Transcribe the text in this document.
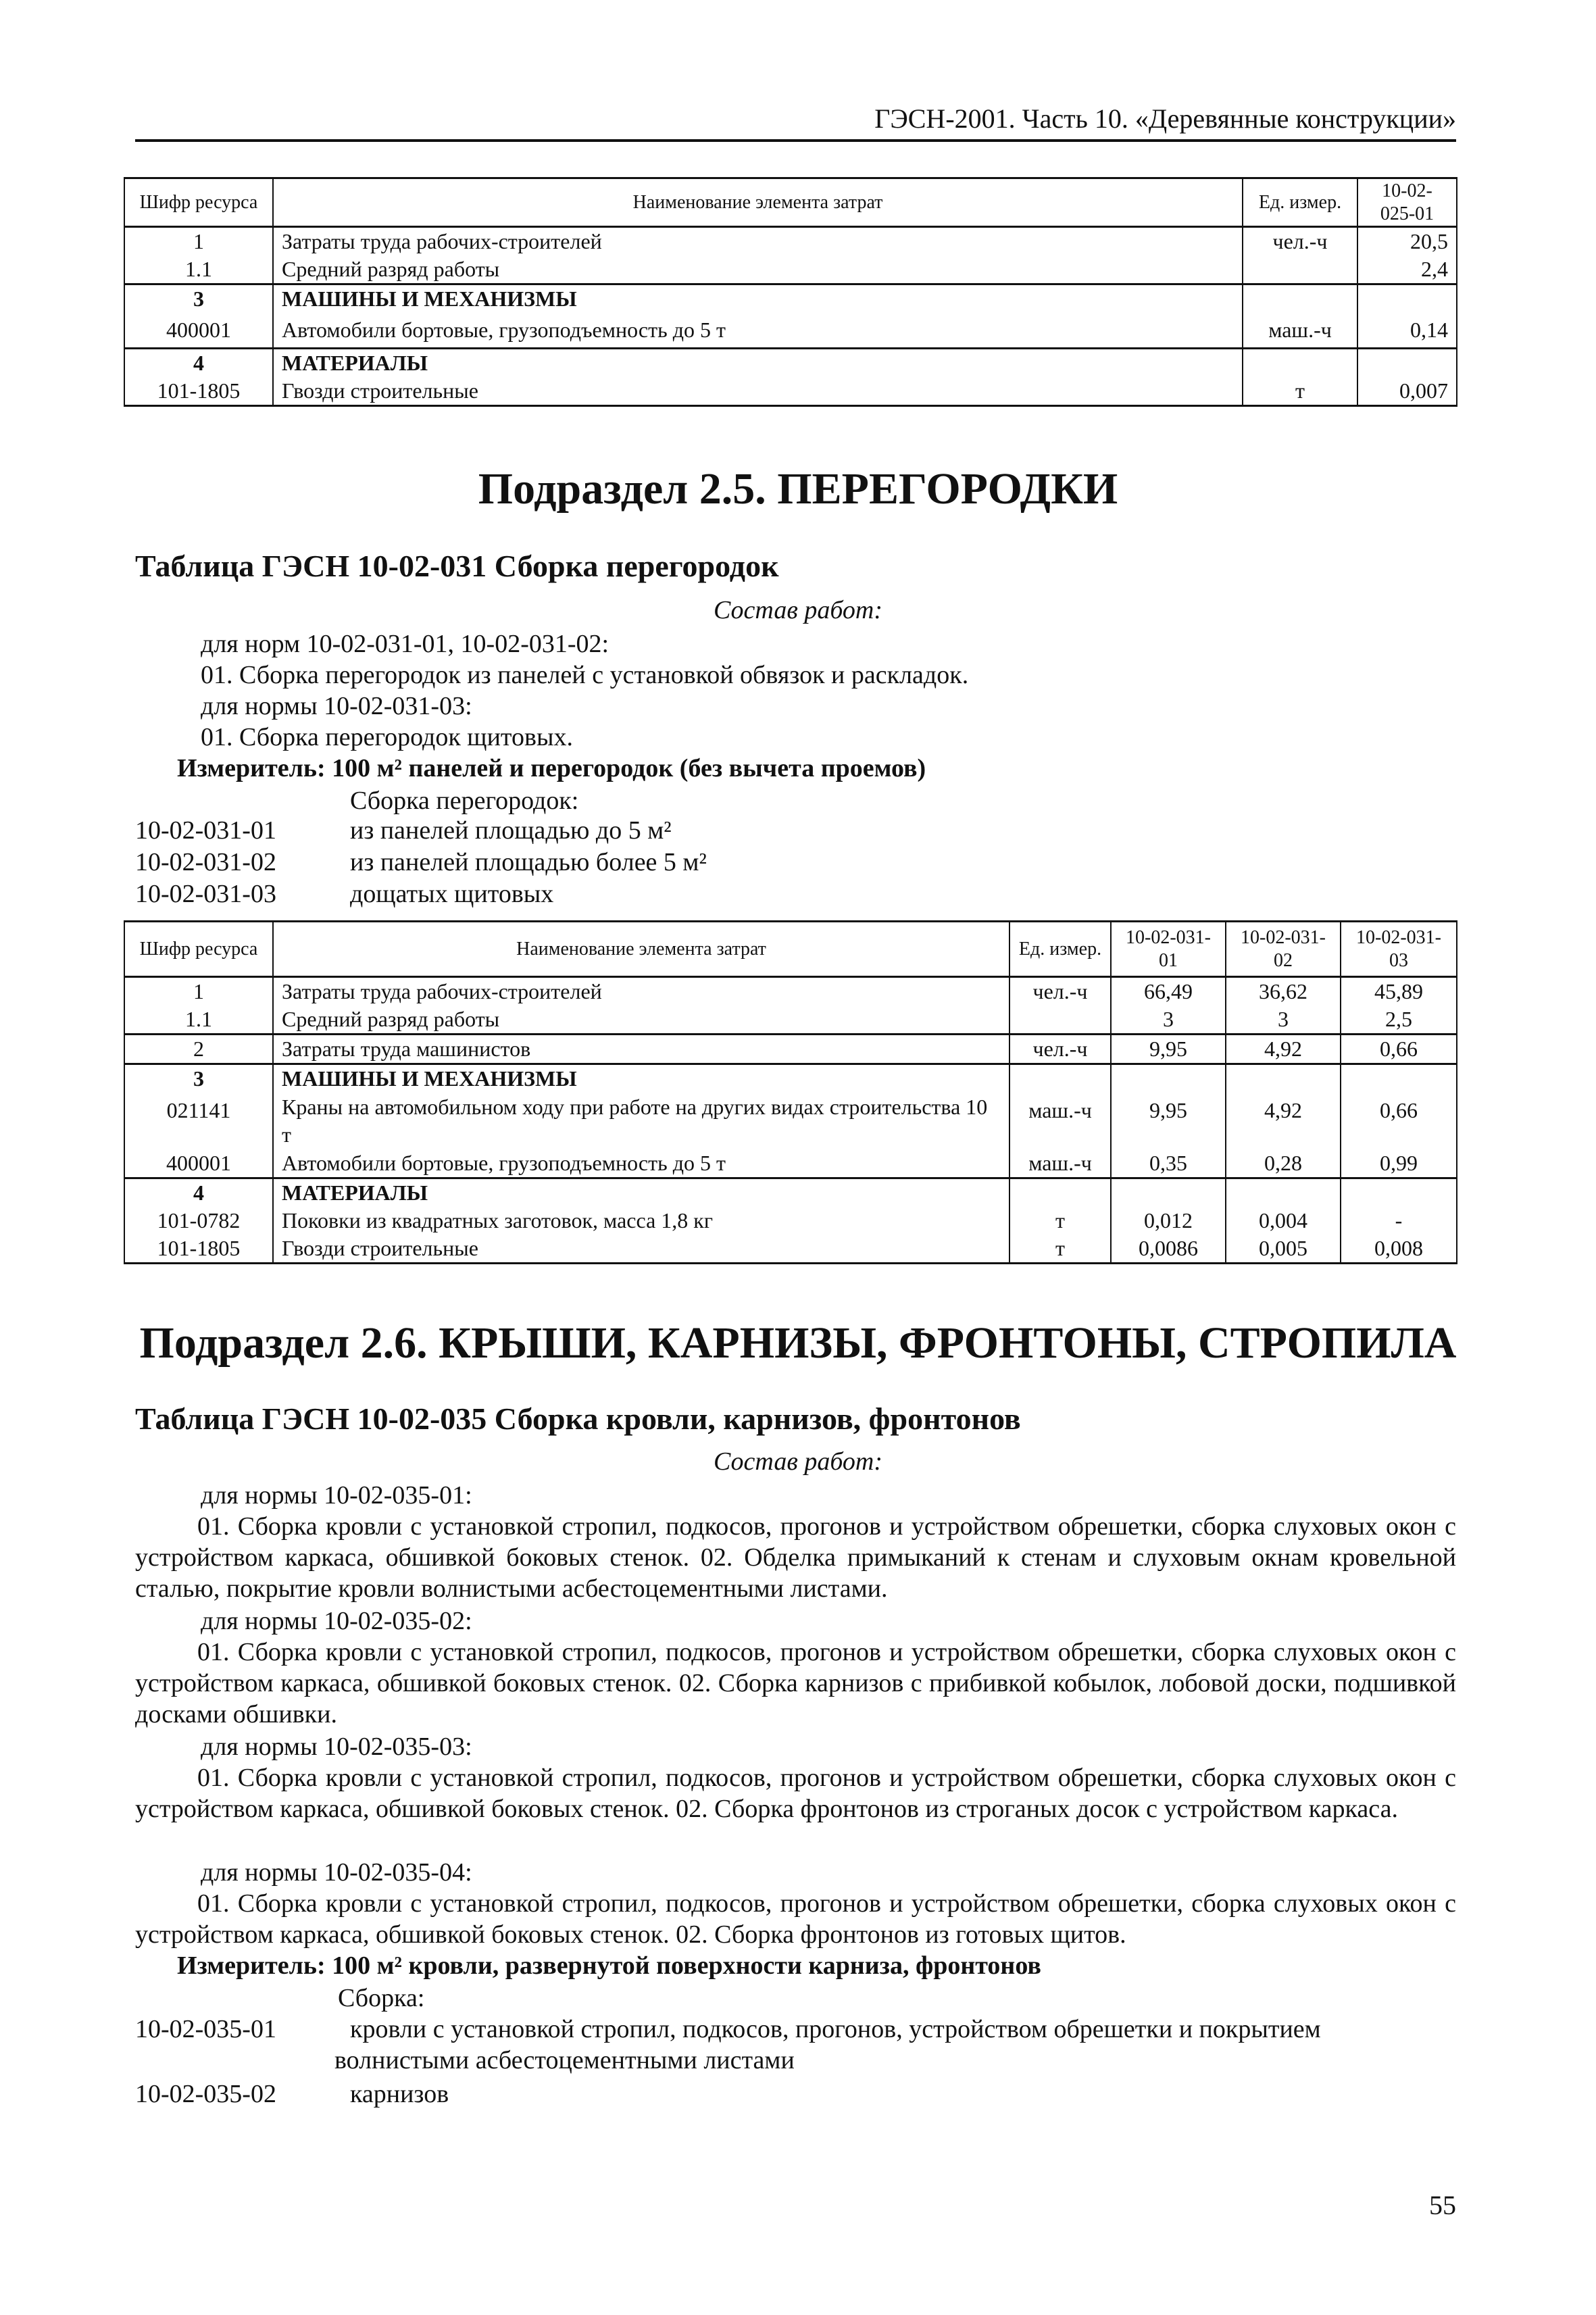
ГЭСН-2001. Часть 10. «Деревянные конструкции»
Шифр ресурса	Наименование элемента затрат	Ед. измер.	10-02-025-01
1	Затраты труда рабочих-строителей	чел.-ч	20,5
1.1	Средний разряд работы		2,4
3	МАШИНЫ И МЕХАНИЗМЫ		
400001	Автомобили бортовые, грузоподъемность до 5 т	маш.-ч	0,14
4	МАТЕРИАЛЫ		
101-1805	Гвозди строительные	т	0,007
Подраздел 2.5. ПЕРЕГОРОДКИ
Таблица ГЭСН 10-02-031 Сборка перегородок
Состав работ:
для норм 10-02-031-01, 10-02-031-02:
01. Сборка перегородок из панелей с установкой обвязок и раскладок.
для нормы 10-02-031-03:
01. Сборка перегородок щитовых.
Измеритель: 100 м² панелей и перегородок (без вычета проемов)
Сборка перегородок:
10-02-031-01	из панелей площадью до 5 м²
10-02-031-02	из панелей площадью более 5 м²
10-02-031-03	дощатых щитовых
Шифр ресурса	Наименование элемента затрат	Ед. измер.	10-02-031-01	10-02-031-02	10-02-031-03
1	Затраты труда рабочих-строителей	чел.-ч	66,49	36,62	45,89
1.1	Средний разряд работы		3	3	2,5
2	Затраты труда машинистов	чел.-ч	9,95	4,92	0,66
3	МАШИНЫ И МЕХАНИЗМЫ				
021141	Краны на автомобильном ходу при работе на других видах строительства 10 т	маш.-ч	9,95	4,92	0,66
400001	Автомобили бортовые, грузоподъемность до 5 т	маш.-ч	0,35	0,28	0,99
4	МАТЕРИАЛЫ				
101-0782	Поковки из квадратных заготовок, масса 1,8 кг	т	0,012	0,004	-
101-1805	Гвозди строительные	т	0,0086	0,005	0,008
Подраздел 2.6. КРЫШИ, КАРНИЗЫ, ФРОНТОНЫ, СТРОПИЛА
Таблица ГЭСН 10-02-035 Сборка кровли, карнизов, фронтонов
Состав работ:
для нормы 10-02-035-01:
01. Сборка кровли с установкой стропил, подкосов, прогонов и устройством обрешетки, сборка слуховых окон с устройством каркаса, обшивкой боковых стенок. 02. Обделка примыканий к стенам и слуховым окнам кровельной сталью, покрытие кровли волнистыми асбестоцементными листами.
для нормы 10-02-035-02:
01. Сборка кровли с установкой стропил, подкосов, прогонов и устройством обрешетки, сборка слуховых окон с устройством каркаса, обшивкой боковых стенок. 02. Сборка карнизов с прибивкой кобылок, лобовой доски, подшивкой досками обшивки.
для нормы 10-02-035-03:
01. Сборка кровли с установкой стропил, подкосов, прогонов и устройством обрешетки, сборка слуховых окон с устройством каркаса, обшивкой боковых стенок. 02. Сборка фронтонов из строганых досок с устройством каркаса.
для нормы 10-02-035-04:
01. Сборка кровли с установкой стропил, подкосов, прогонов и устройством обрешетки, сборка слуховых окон с устройством каркаса, обшивкой боковых стенок. 02. Сборка фронтонов из готовых щитов.
Измеритель: 100 м² кровли, развернутой поверхности карниза, фронтонов
Сборка:
10-02-035-01	кровли с установкой стропил, подкосов, прогонов, устройством обрешетки и покрытием
волнистыми асбестоцементными листами
10-02-035-02	карнизов
55
